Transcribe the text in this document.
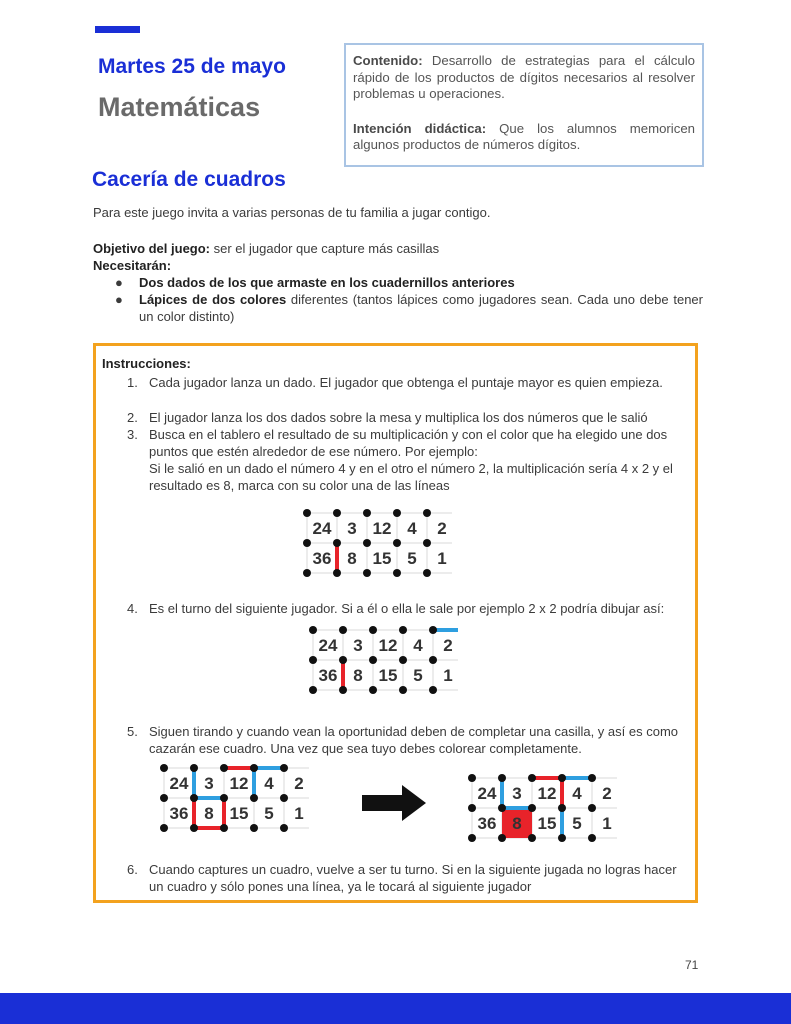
Martes 25 de mayo
Matemáticas

Contenido: Desarrollo de estrategias para el cálculo rápido de los productos de dígitos necesarios al resolver problemas u operaciones.

Intención didáctica: Que los alumnos memoricen algunos productos de números dígitos.

Cacería de cuadros
Para este juego invita a varias personas de tu familia a jugar contigo.
Objetivo del juego: ser el jugador que capture más casillas
Necesitarán:
● Dos dados de los que armaste en los cuadernillos anteriores
● Lápices de dos colores diferentes (tantos lápices como jugadores sean. Cada uno debe tener un color distinto)
Instrucciones:
1. Cada jugador lanza un dado. El jugador que obtenga el puntaje mayor es quien empieza.
2. El jugador lanza los dos dados sobre la mesa y multiplica los dos números que le salió
3. Busca en el tablero el resultado de su multiplicación y con el color que ha elegido une dos puntos que estén alrededor de ese número. Por ejemplo:
Si le salió en un dado el número 4 y en el otro el número 2, la multiplicación sería 4 x 2 y el resultado es 8, marca con su color una de las líneas
4. Es el turno del siguiente jugador. Si a él o ella le sale por ejemplo 2 x 2 podría dibujar así:
5. Siguen tirando y cuando vean la oportunidad deben de completar una casilla, y así es como cazarán ese cuadro. Una vez que sea tuyo debes colorear completamente.
6. Cuando captures un cuadro, vuelve a ser tu turno. Si en la siguiente jugada no logras hacer un cuadro y sólo pones una línea, ya le tocará al siguiente jugador
24 3 12 4 2
36 8 15 5 1
24 3 12 4 2
36 8 15 5 1
24 3 12 4 2
36 8 15 5 1
24 3 12 4 2
36 8 15 5 1
71
